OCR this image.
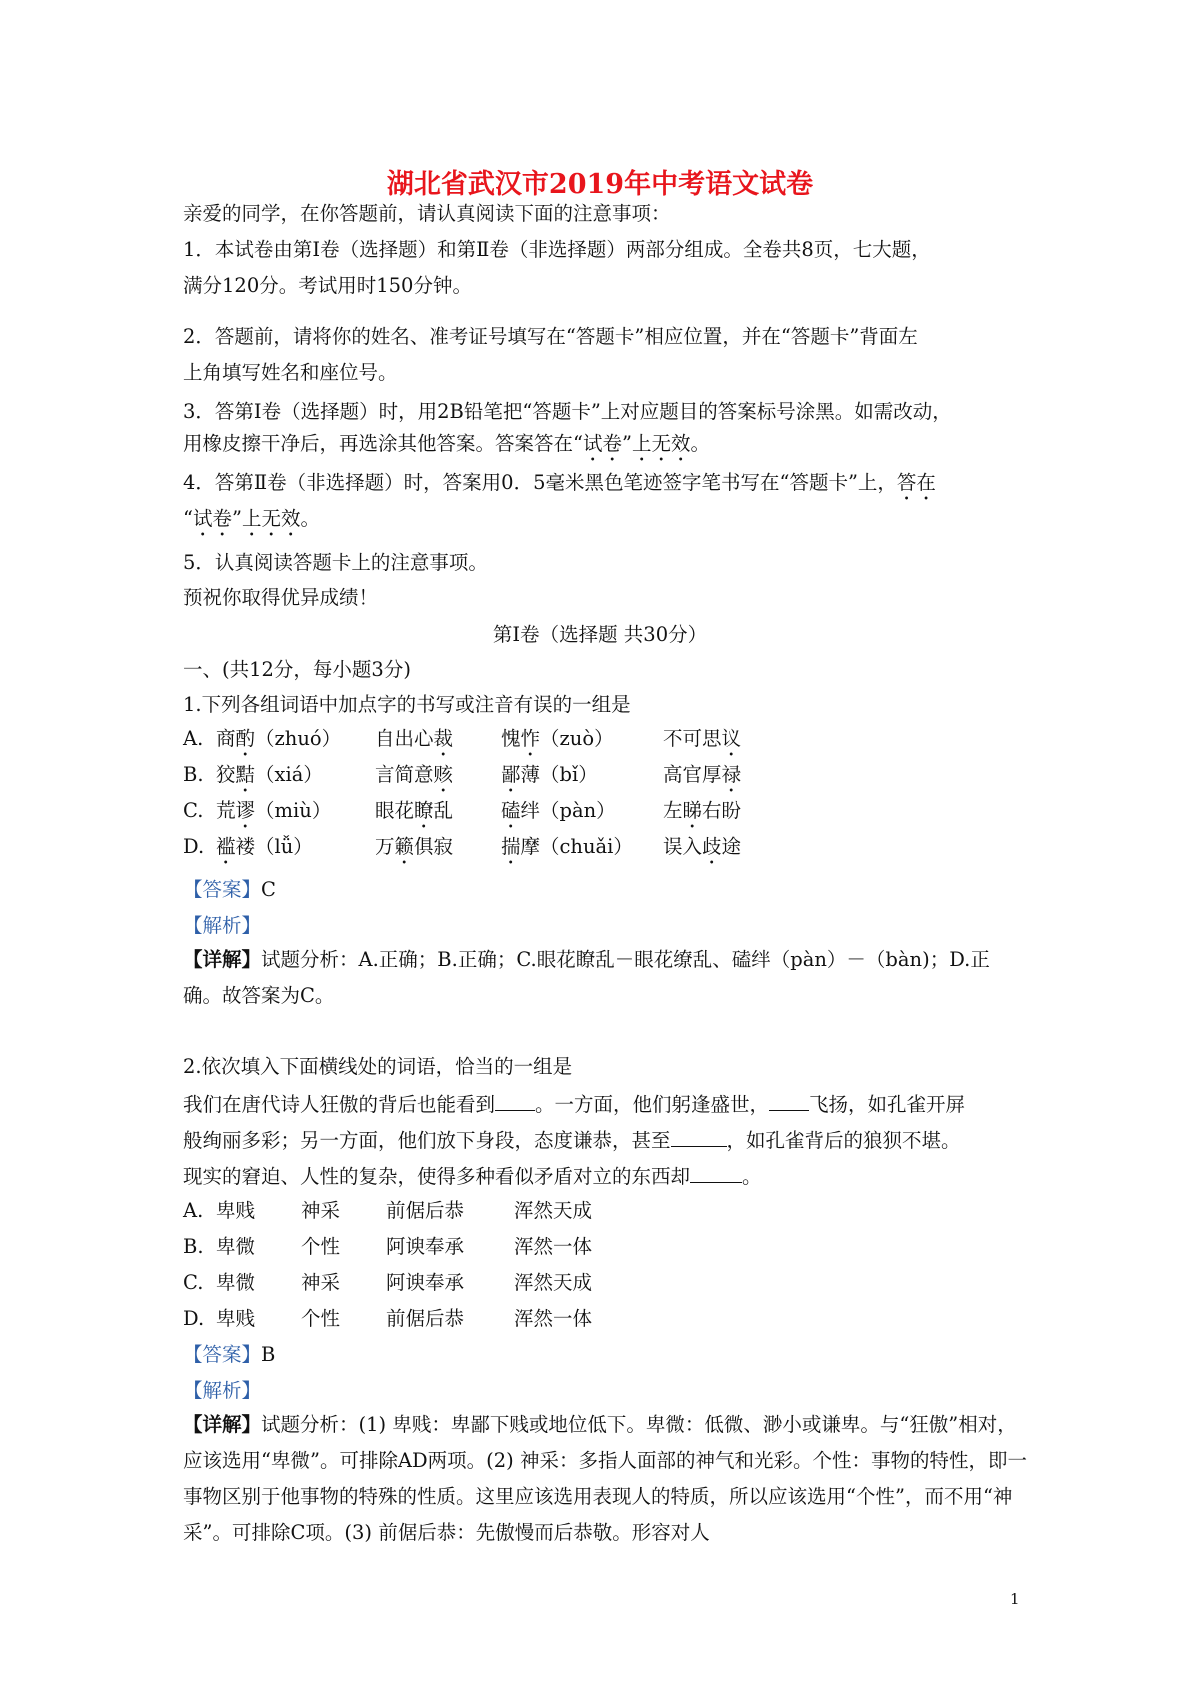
湖北省武汉市2019年中考语文试卷
亲爱的同学，在你答题前，请认真阅读下面的注意事项：
1．本试卷由第Ⅰ卷（选择题）和第Ⅱ卷（非选择题）两部分组成。全卷共8页，七大题，
满分120分。考试用时150分钟。
2．答题前，请将你的姓名、准考证号填写在“答题卡”相应位置，并在“答题卡”背面左
上角填写姓名和座位号。
3．答第Ⅰ卷（选择题）时，用2B铅笔把“答题卡”上对应题目的答案标号涂黑。如需改动，
用橡皮擦干净后，再选涂其他答案。答案答在“试卷”上无效。
4．答第Ⅱ卷（非选择题）时，答案用0．5毫米黑色笔迹签字笔书写在“答题卡”上，答在
“试卷”上无效。
5．认真阅读答题卡上的注意事项。
预祝你取得优异成绩！
第Ⅰ卷（选择题 共30分）
一、(共12分，每小题3分)
1.下列各组词语中加点字的书写或注音有误的一组是
A. 商酌（zhuó） 自出心裁 愧怍（zuò）	不可思议
B. 狡黠（xiá）	言简意赅 鄙薄（bǐ）	高官厚禄
C. 荒谬（miù） 眼花瞭乱 磕绊（pàn） 左睇右盼
D. 褴褛（lǚ）	万籁俱寂 揣摩（chuǎi） 误入歧途
【答案】C
【解析】
【详解】试题分析：A.正确；B.正确；C.眼花瞭乱－眼花缭乱、磕绊（pàn）－（bàn)；D.正确。故答案为C。
2.依次填入下面横线处的词语，恰当的一组是
我们在唐代诗人狂傲的背后也能看到 。一方面，他们躬逢盛世， 飞扬，如孔雀开屏
般绚丽多彩；另一方面，他们放下身段，态度谦恭，甚至	，如孔雀背后的狼狈不堪。
现实的窘迫、人性的复杂，使得多种看似矛盾对立的东西却	。
A. 卑贱 神采 前倨后恭	浑然天成
B. 卑微 个性 阿谀奉承	浑然一体
C. 卑微 神采 阿谀奉承	浑然天成
D. 卑贱 个性 前倨后恭	浑然一体
【答案】B
【解析】
【详解】试题分析：(1) 卑贱：卑鄙下贱或地位低下。卑微：低微、渺小或谦卑。与“狂傲”相对，应该选用“卑微”。可排除AD两项。(2) 神采：多指人面部的神气和光彩。个性：事物的特性，即一事物区别于他事物的特殊的性质。这里应该选用表现人的特质，所以应该选用“个性”，而不用“神采”。可排除C项。(3) 前倨后恭：先傲慢而后恭敬。形容对人
1
